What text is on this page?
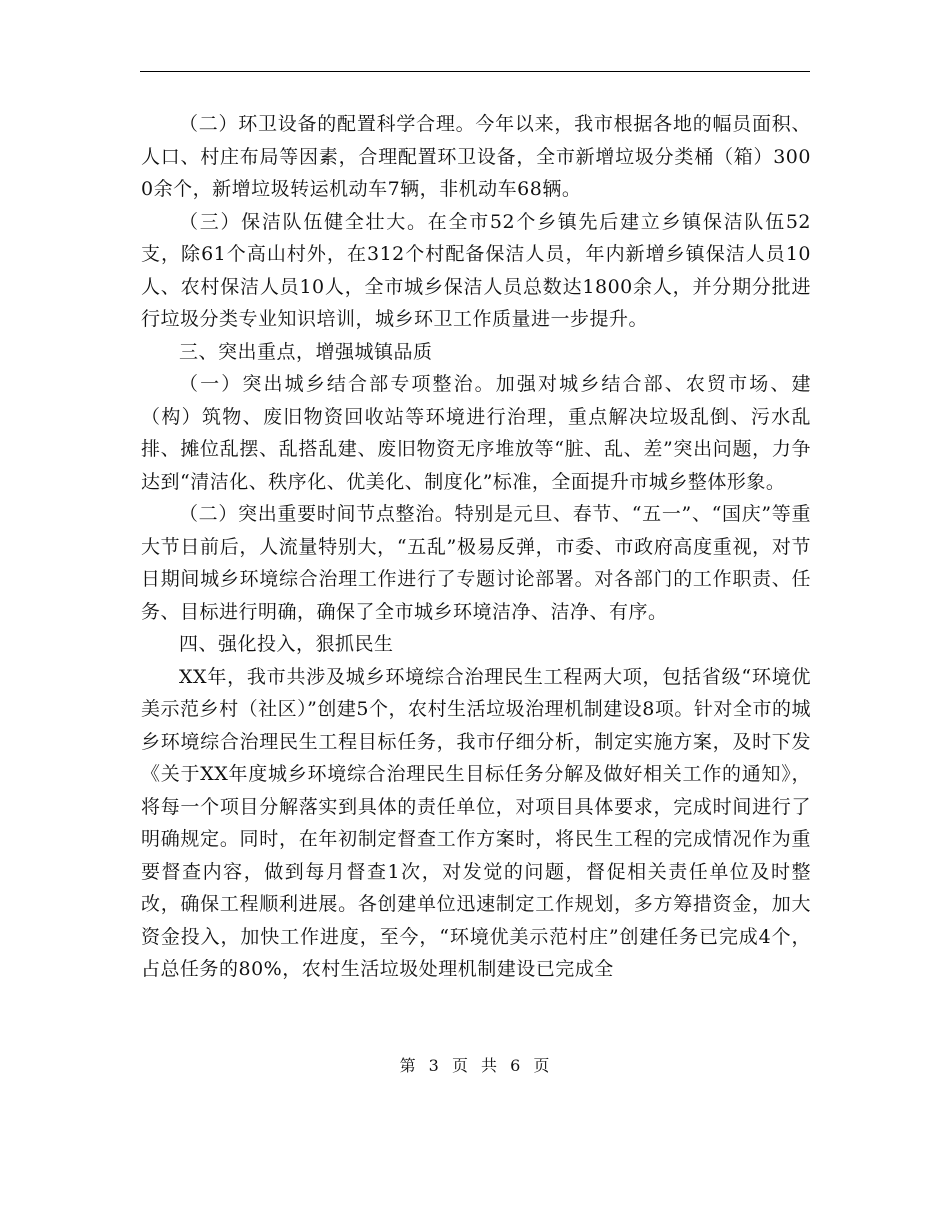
（二）环卫设备的配置科学合理。今年以来，我市根据各地的幅员面积、人口、村庄布局等因素，合理配置环卫设备，全市新增垃圾分类桶（箱）3000余个，新增垃圾转运机动车7辆，非机动车68辆。

（三）保洁队伍健全壮大。在全市52个乡镇先后建立乡镇保洁队伍52支，除61个高山村外，在312个村配备保洁人员，年内新增乡镇保洁人员10人、农村保洁人员10人，全市城乡保洁人员总数达1800余人，并分期分批进行垃圾分类专业知识培训，城乡环卫工作质量进一步提升。

三、突出重点，增强城镇品质

（一）突出城乡结合部专项整治。加强对城乡结合部、农贸市场、建（构）筑物、废旧物资回收站等环境进行治理，重点解决垃圾乱倒、污水乱排、摊位乱摆、乱搭乱建、废旧物资无序堆放等“脏、乱、差”突出问题，力争达到“清洁化、秩序化、优美化、制度化”标准，全面提升市城乡整体形象。

（二）突出重要时间节点整治。特别是元旦、春节、“五一”、“国庆”等重大节日前后，人流量特别大，“五乱”极易反弹，市委、市政府高度重视，对节日期间城乡环境综合治理工作进行了专题讨论部署。对各部门的工作职责、任务、目标进行明确，确保了全市城乡环境洁净、洁净、有序。

四、强化投入，狠抓民生

XX年，我市共涉及城乡环境综合治理民生工程两大项，包括省级“环境优美示范乡村（社区）”创建5个，农村生活垃圾治理机制建设8项。针对全市的城乡环境综合治理民生工程目标任务，我市仔细分析，制定实施方案，及时下发《关于XX年度城乡环境综合治理民生目标任务分解及做好相关工作的通知》，将每一个项目分解落实到具体的责任单位，对项目具体要求，完成时间进行了明确规定。同时，在年初制定督查工作方案时，将民生工程的完成情况作为重要督查内容，做到每月督查1次，对发觉的问题，督促相关责任单位及时整改，确保工程顺利进展。各创建单位迅速制定工作规划，多方筹措资金，加大资金投入，加快工作进度，至今，“环境优美示范村庄”创建任务已完成4个，占总任务的80%，农村生活垃圾处理机制建设已完成全

第 3 页 共 6 页
